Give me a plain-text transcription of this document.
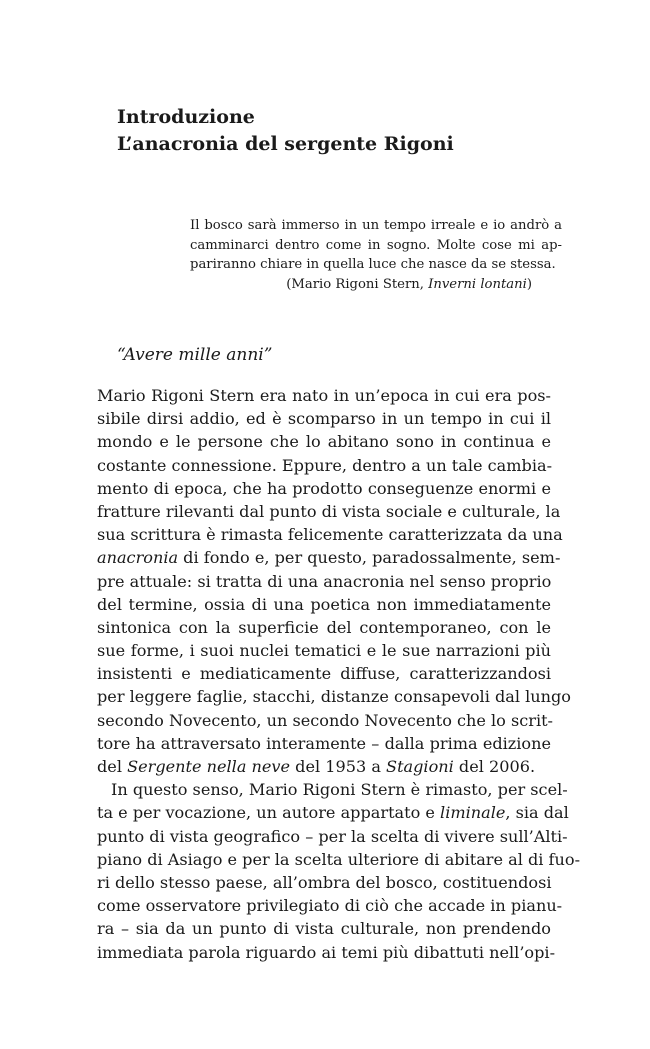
Introduzione
L’anacronia del sergente Rigoni
Il bosco sarà immerso in un tempo irreale e io andrò a
camminarci dentro come in sogno. Molte cose mi ap-
pariranno chiare in quella luce che nasce da se stessa.
(Mario Rigoni Stern, Inverni lontani)
“Avere mille anni”
Mario Rigoni Stern era nato in un’epoca in cui era pos-
sibile dirsi addio, ed è scomparso in un tempo in cui il
mondo e le persone che lo abitano sono in continua e
costante connessione. Eppure, dentro a un tale cambia-
mento di epoca, che ha prodotto conseguenze enormi e
fratture rilevanti dal punto di vista sociale e culturale, la
sua scrittura è rimasta felicemente caratterizzata da una
anacronia di fondo e, per questo, paradossalmente, sem-
pre attuale: si tratta di una anacronia nel senso proprio
del termine, ossia di una poetica non immediatamente
sintonica con la superficie del contemporaneo, con le
sue forme, i suoi nuclei tematici e le sue narrazioni più
insistenti e mediaticamente diffuse, caratterizzandosi
per leggere faglie, stacchi, distanze consapevoli dal lungo
secondo Novecento, un secondo Novecento che lo scrit-
tore ha attraversato interamente – dalla prima edizione
del Sergente nella neve del 1953 a Stagioni del 2006.
In questo senso, Mario Rigoni Stern è rimasto, per scel-
ta e per vocazione, un autore appartato e liminale, sia dal
punto di vista geografico – per la scelta di vivere sull’Alti-
piano di Asiago e per la scelta ulteriore di abitare al di fuo-
ri dello stesso paese, all’ombra del bosco, costituendosi
come osservatore privilegiato di ciò che accade in pianu-
ra – sia da un punto di vista culturale, non prendendo
immediata parola riguardo ai temi più dibattuti nell’opi-
